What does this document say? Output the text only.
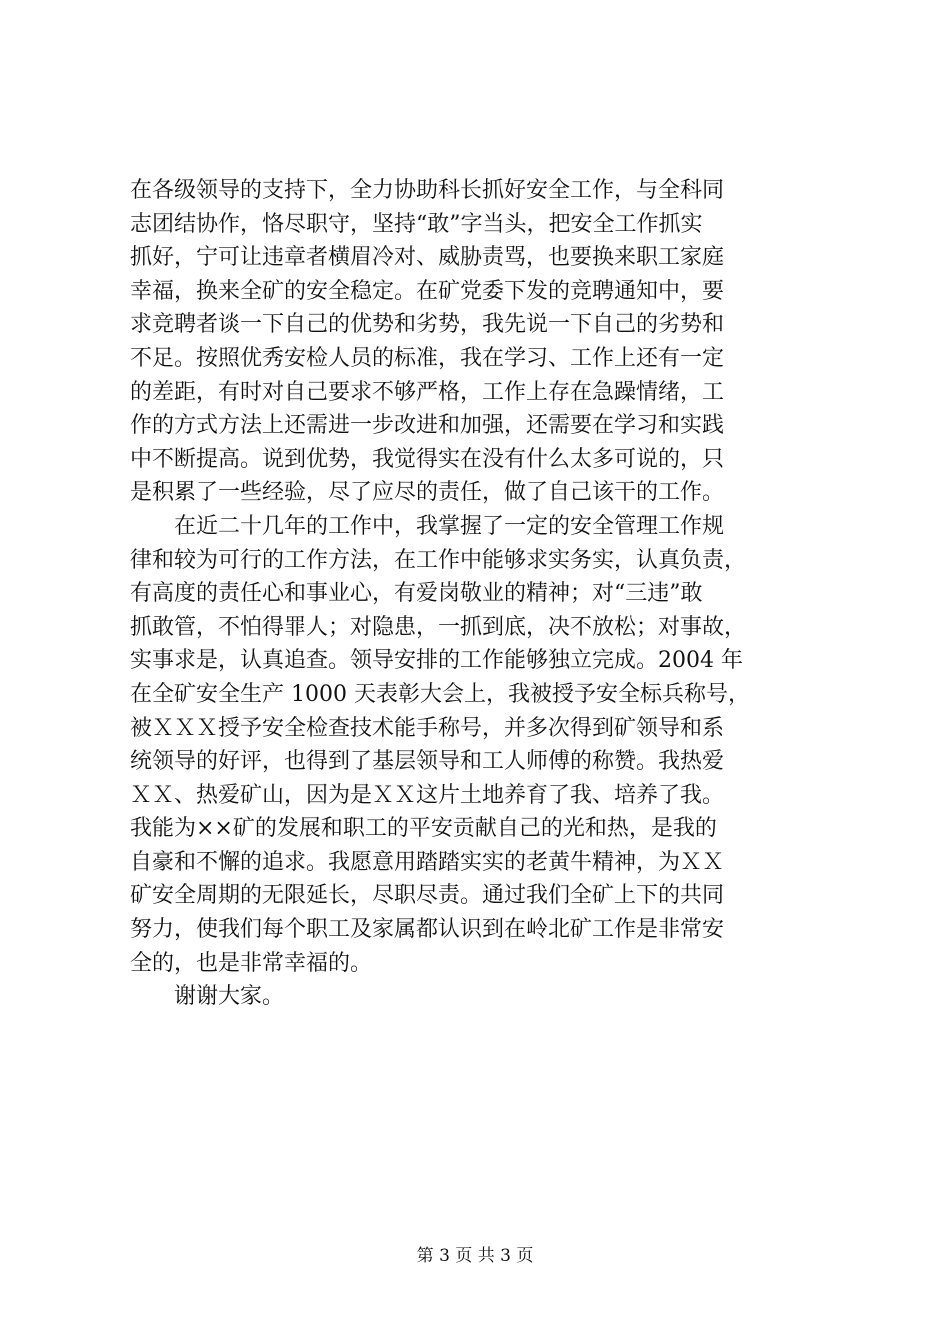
在各级领导的支持下，全力协助科长抓好安全工作，与全科同
志团结协作，恪尽职守，坚持“敢”字当头，把安全工作抓实
抓好，宁可让违章者横眉冷对、威胁责骂，也要换来职工家庭
幸福，换来全矿的安全稳定。在矿党委下发的竞聘通知中，要
求竞聘者谈一下自己的优势和劣势，我先说一下自己的劣势和
不足。按照优秀安检人员的标准，我在学习、工作上还有一定
的差距，有时对自己要求不够严格，工作上存在急躁情绪，工
作的方式方法上还需进一步改进和加强，还需要在学习和实践
中不断提高。说到优势，我觉得实在没有什么太多可说的，只
是积累了一些经验，尽了应尽的责任，做了自己该干的工作。
在近二十几年的工作中，我掌握了一定的安全管理工作规
律和较为可行的工作方法，在工作中能够求实务实，认真负责，
有高度的责任心和事业心，有爱岗敬业的精神；对“三违”敢
抓敢管，不怕得罪人；对隐患，一抓到底，决不放松；对事故，
实事求是，认真追查。领导安排的工作能够独立完成。2004 年
在全矿安全生产 1000 天表彰大会上，我被授予安全标兵称号，
被ＸＸＸ授予安全检查技术能手称号，并多次得到矿领导和系
统领导的好评，也得到了基层领导和工人师傅的称赞。我热爱
ＸＸ、热爱矿山，因为是ＸＸ这片土地养育了我、培养了我。
我能为××矿的发展和职工的平安贡献自己的光和热，是我的
自豪和不懈的追求。我愿意用踏踏实实的老黄牛精神，为ＸＸ
矿安全周期的无限延长，尽职尽责。通过我们全矿上下的共同
努力，使我们每个职工及家属都认识到在岭北矿工作是非常安
全的，也是非常幸福的。
谢谢大家。
第 3 页 共 3 页
